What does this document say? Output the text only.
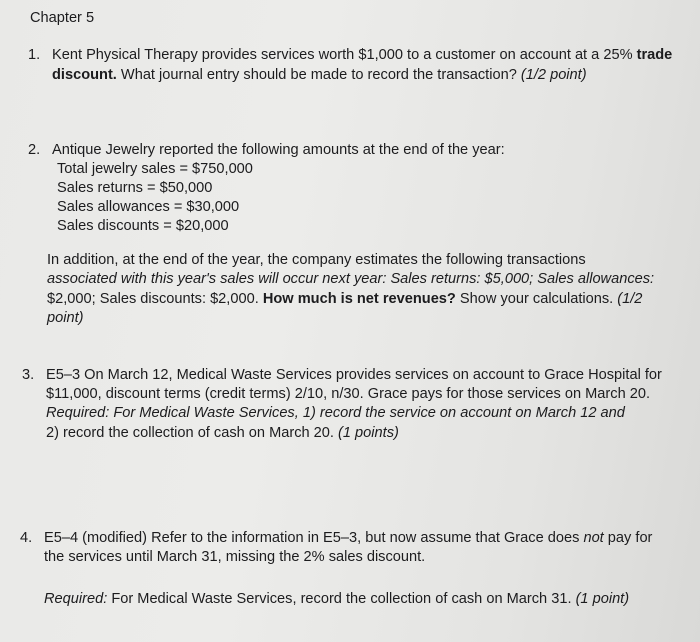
Chapter 5
1. Kent Physical Therapy provides services worth $1,000 to a customer on account at a 25% trade
discount. What journal entry should be made to record the transaction? (1/2 point)
2. Antique Jewelry reported the following amounts at the end of the year:
Total jewelry sales = $750,000
Sales returns = $50,000
Sales allowances = $30,000
Sales discounts = $20,000
In addition, at the end of the year, the company estimates the following transactions
associated with this year's sales will occur next year: Sales returns: $5,000; Sales allowances:
$2,000; Sales discounts: $2,000. How much is net revenues? Show your calculations. (1/2
point)
3. E5–3 On March 12, Medical Waste Services provides services on account to Grace Hospital for
$11,000, discount terms (credit terms) 2/10, n/30. Grace pays for those services on March 20.
Required: For Medical Waste Services, 1) record the service on account on March 12 and
2) record the collection of cash on March 20. (1 points)
4. E5–4 (modified) Refer to the information in E5–3, but now assume that Grace does not pay for
the services until March 31, missing the 2% sales discount.
Required: For Medical Waste Services, record the collection of cash on March 31. (1 point)
